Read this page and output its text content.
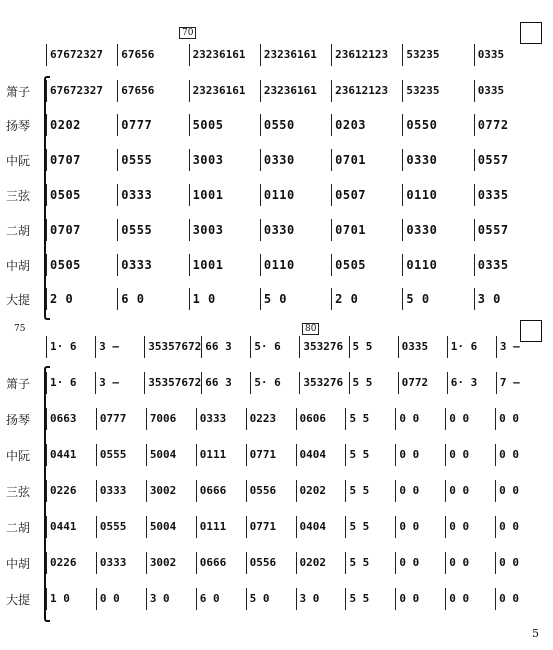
70
67672327	67656	23236161	23236161	23612123	53235	0335
箫子	67672327	67656	23236161	23236161	23612123	53235	0335
扬琴	0202	0777	5005	0550	0203	0550	0772
中阮	0707	0555	3003	0330	0701	0330	0557
三弦	0505	0333	1001	0110	0507	0110	0335
二胡	0707	0555	3003	0330	0701	0330	0557
中胡	0505	0333	1001	0110	0505	0110	0335
大提	2 0	6 0	1 0	5 0	2 0	5 0	3 0
75	80
1· 6	3 –	35357672 66 3	5· 6	353276 5 5	0335	1· 6	3 –
箫子	1· 6	3 –	35357672 66 3	5· 6	353276 5 5	0772	6· 3	7 –
扬琴	0663	0777	7006	0333	0223	0606	5 5	0 0	0 0	0 0
中阮	0441	0555	5004	0111	0771	0404	5 5	0 0	0 0	0 0
三弦	0226	0333	3002	0666	0556	0202	5 5	0 0	0 0	0 0
二胡	0441	0555	5004	0111	0771	0404	5 5	0 0	0 0	0 0
中胡	0226	0333	3002	0666	0556	0202	5 5	0 0	0 0	0 0
大提	1 0	0 0	3 0	6 0	5 0	3 0	5 5	0 0	0 0	0 0
5
